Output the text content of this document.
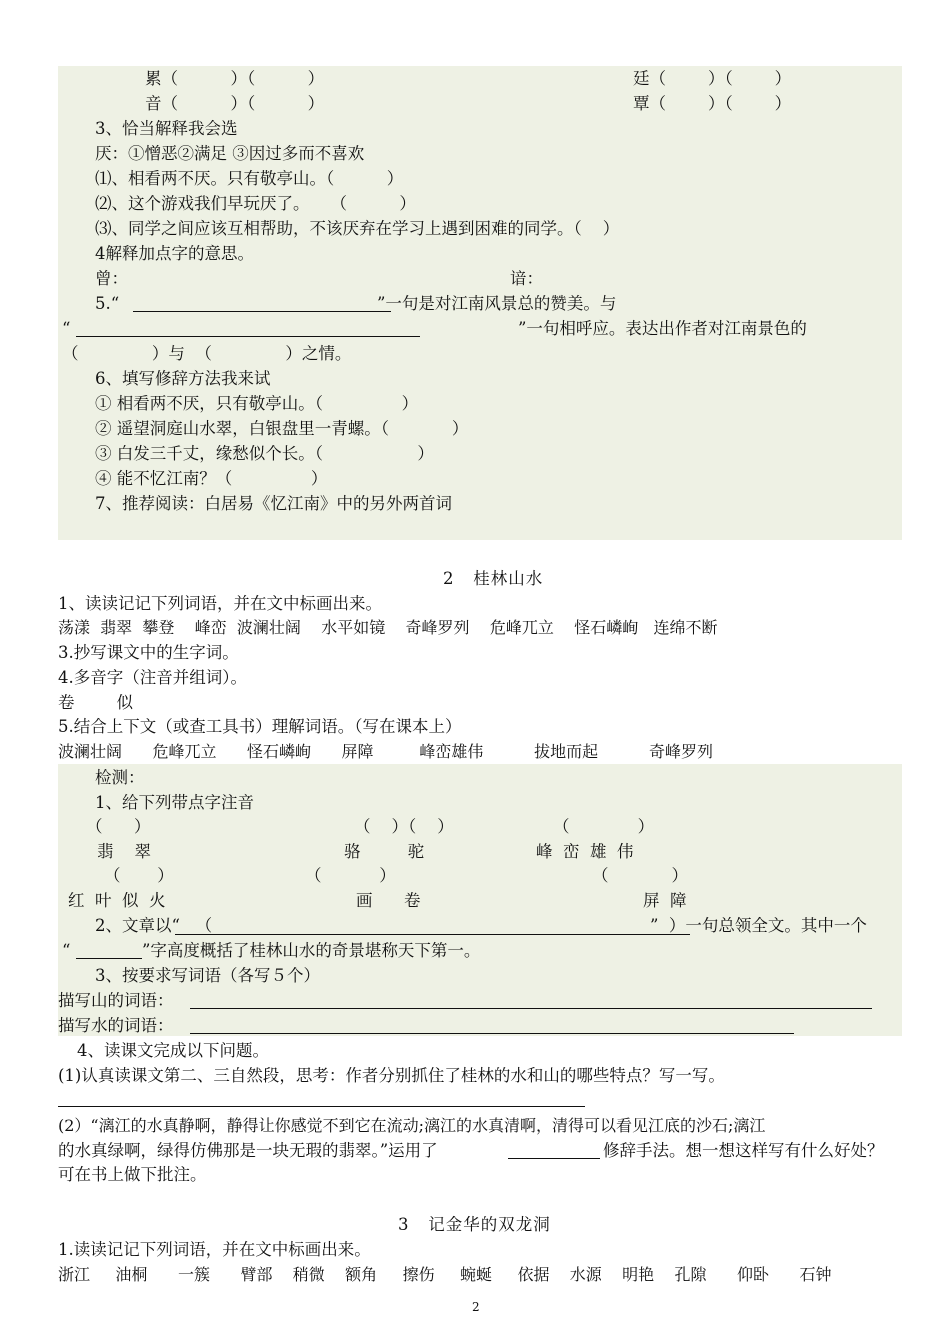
累（          ）（          ）	廷（        ）（        ）
音（          ）（          ）	覃（        ）（        ）
3、恰当解释我会选
厌：①憎恶②满足 ③因过多而不喜欢
⑴、相看两不厌。只有敬亭山。（          ）
⑵、这个游戏我们早玩厌了。    （          ）
⑶、同学之间应该互相帮助，不该厌弃在学习上遇到困难的同学。（    ）
4解释加点字的意思。
曾：	谙：
5.“	”一句是对江南风景总的赞美。与
“	”一句相呼应。表达出作者对江南景色的
（              ）与  （              ）之情。
6、填写修辞方法我来试
① 相看两不厌，只有敬亭山。（               ）
② 遥望洞庭山水翠，白银盘里一青螺。（            ）
③ 白发三千丈，缘愁似个长。（                  ）
④ 能不忆江南？（               ）
7、推荐阅读：白居易《忆江南》中的另外两首词
2   桂林山水
1、读读记记下列词语，并在文中标画出来。
荡漾  翡翠  攀登    峰峦  波澜壮阔    水平如镜    奇峰罗列    危峰兀立    怪石嶙峋   连绵不断
3.抄写课文中的生字词。
4.多音字（注音并组词）。
卷        似
5.结合上下文（或查工具书）理解词语。（写在课本上）
波澜壮阔      危峰兀立      怪石嶙峋      屏障         峰峦雄伟          拔地而起          奇峰罗列
检测：
1、给下列带点字注音
（      ）	（    ）（    ）	（             ）
翡    翠	骆         驼	峰  峦  雄  伟
（       ）	（           ）	（            ）
红  叶  似  火	画      卷	屏  障
2、文章以“   （	”  ）一句总领全文。其中一个
“	”字高度概括了桂林山水的奇景堪称天下第一。
3、按要求写词语（各写５个）
描写山的词语：
描写水的词语：
4、读课文完成以下问题。
(1)认真读课文第二、三自然段，思考：作者分别抓住了桂林的水和山的哪些特点？写一写。
(2）“漓江的水真静啊，静得让你感觉不到它在流动;漓江的水真清啊，清得可以看见江底的沙石;漓江
的水真绿啊，绿得仿佛那是一块无瑕的翡翠。”运用了	修辞手法。想一想这样写有什么好处？
可在书上做下批注。
3   记金华的双龙洞
1.读读记记下列词语，并在文中标画出来。
浙江     油桐      一簇      臂部    稍微    额角     擦伤     蜿蜒     依据    水源    明艳    孔隙      仰卧      石钟
2
